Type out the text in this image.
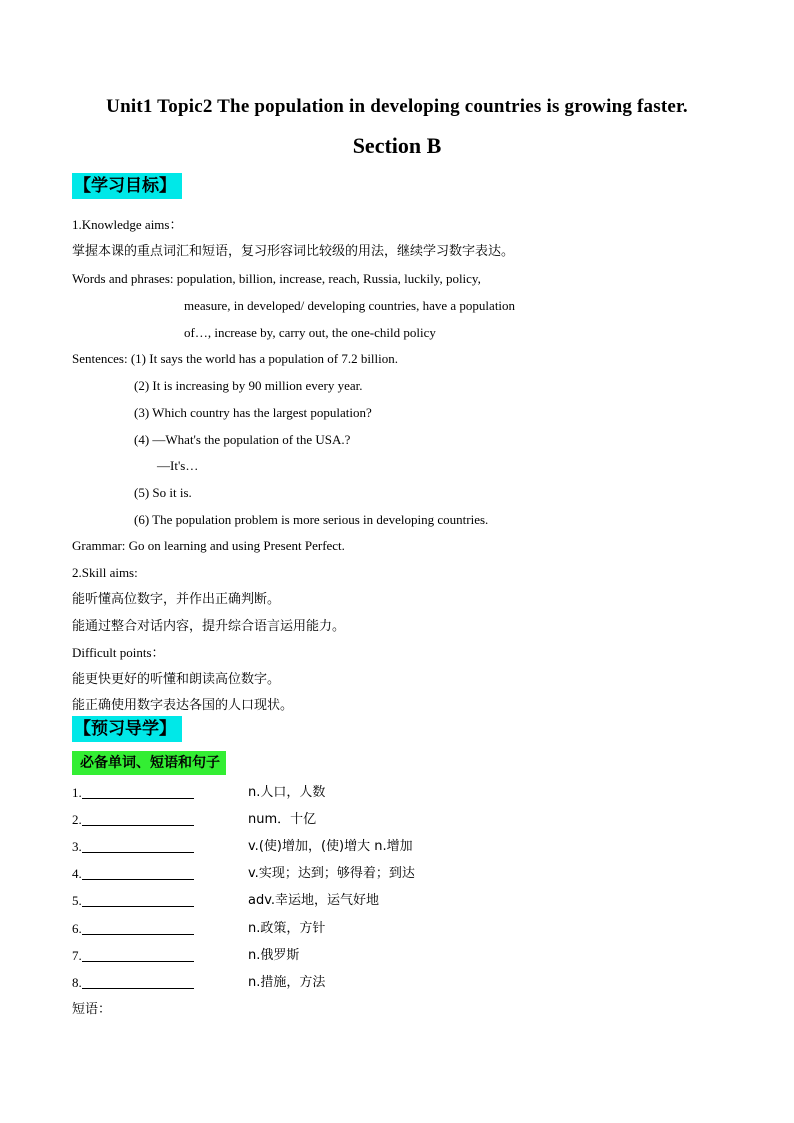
Unit1 Topic2 The population in developing countries is growing faster.
Section B
【学习目标】
1.Knowledge aims：
掌握本课的重点词汇和短语，复习形容词比较级的用法，继续学习数字表达。
Words and phrases: population, billion, increase, reach, Russia, luckily, policy,
measure, in developed/ developing countries, have a population
of…, increase by, carry out, the one-child policy
Sentences: (1) It says the world has a population of 7.2 billion.
(2) It is increasing by 90 million every year.
(3) Which country has the largest population?
(4) —What's the population of the USA.?
—It's…
(5) So it is.
(6) The population problem is more serious in developing countries.
Grammar: Go on learning and using Present Perfect.
2.Skill aims:
能听懂高位数字，并作出正确判断。
能通过整合对话内容，提升综合语言运用能力。
Difficult points：
能更快更好的听懂和朗读高位数字。
能正确使用数字表达各国的人口现状。
【预习导学】
必备单词、短语和句子
1.	n.人口，人数
2.	num．十亿
3.	v.(使)增加，(使)增大 n.增加
4.	v.实现；达到；够得着；到达
5.	adv.幸运地，运气好地
6.	n.政策，方针
7.	n.俄罗斯
8.	n.措施，方法
短语：
